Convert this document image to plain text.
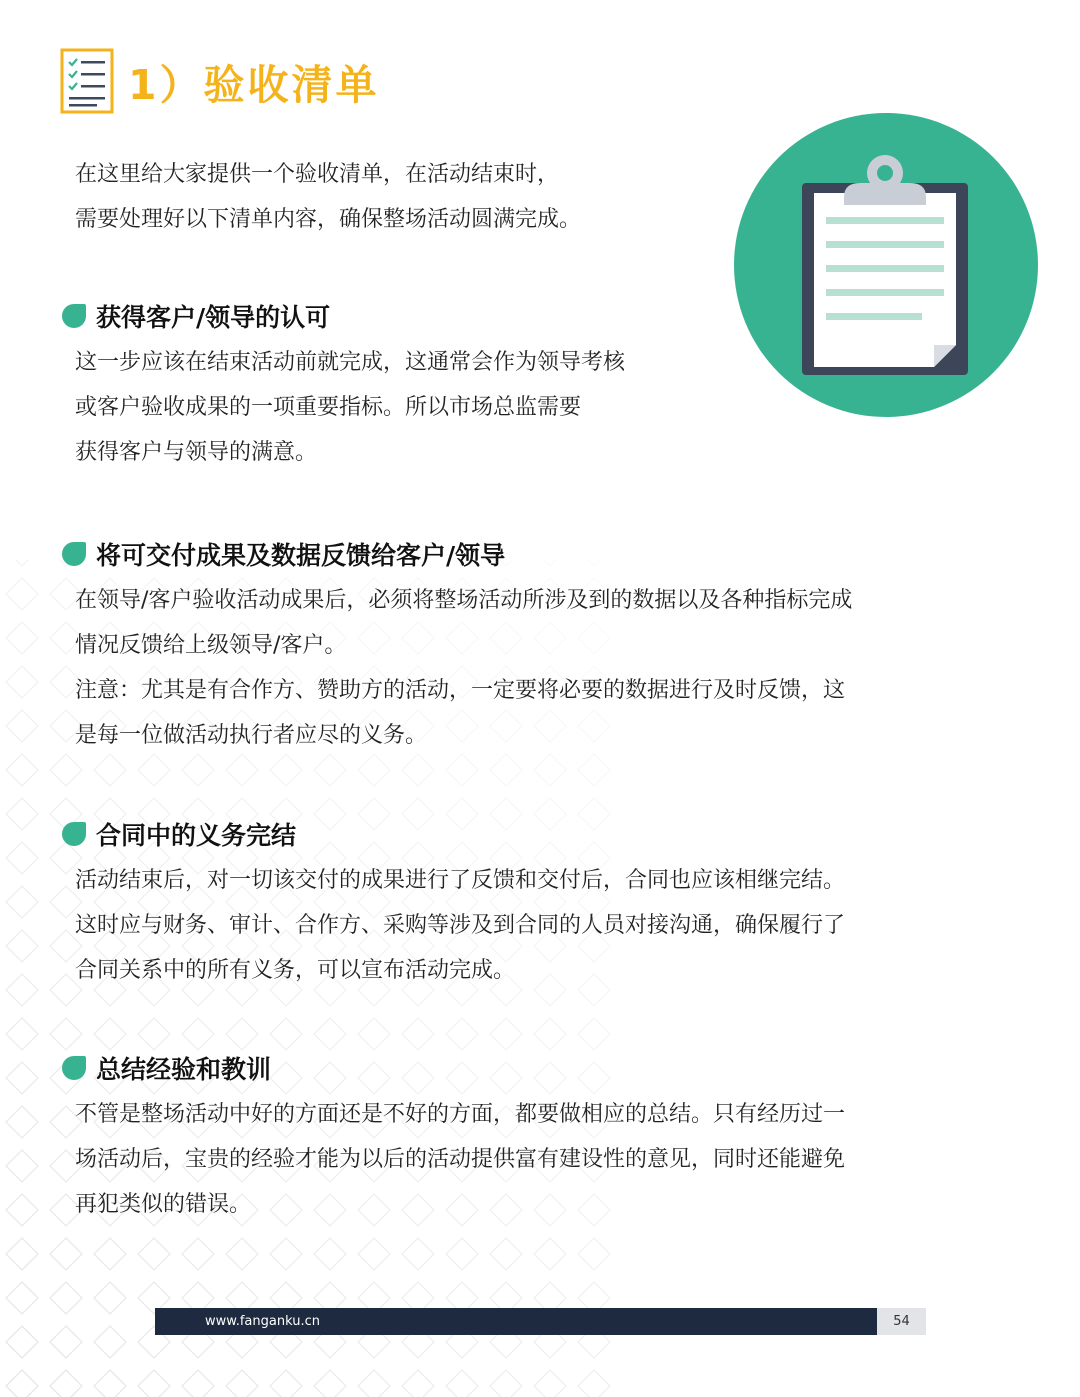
1）验收清单

在这里给大家提供一个验收清单，在活动结束时，

需要处理好以下清单内容，确保整场活动圆满完成。

获得客户/领导的认可

这一步应该在结束活动前就完成，这通常会作为领导考核

或客户验收成果的一项重要指标。所以市场总监需要

获得客户与领导的满意。

将可交付成果及数据反馈给客户/领导

在领导/客户验收活动成果后，必须将整场活动所涉及到的数据以及各种指标完成

情况反馈给上级领导/客户。

注意：尤其是有合作方、赞助方的活动，一定要将必要的数据进行及时反馈，这

是每一位做活动执行者应尽的义务。

合同中的义务完结

活动结束后，对一切该交付的成果进行了反馈和交付后，合同也应该相继完结。

这时应与财务、审计、合作方、采购等涉及到合同的人员对接沟通，确保履行了

合同关系中的所有义务，可以宣布活动完成。

总结经验和教训

不管是整场活动中好的方面还是不好的方面，都要做相应的总结。只有经历过一

场活动后，宝贵的经验才能为以后的活动提供富有建设性的意见，同时还能避免

再犯类似的错误。

www.fanganku.cn	54
